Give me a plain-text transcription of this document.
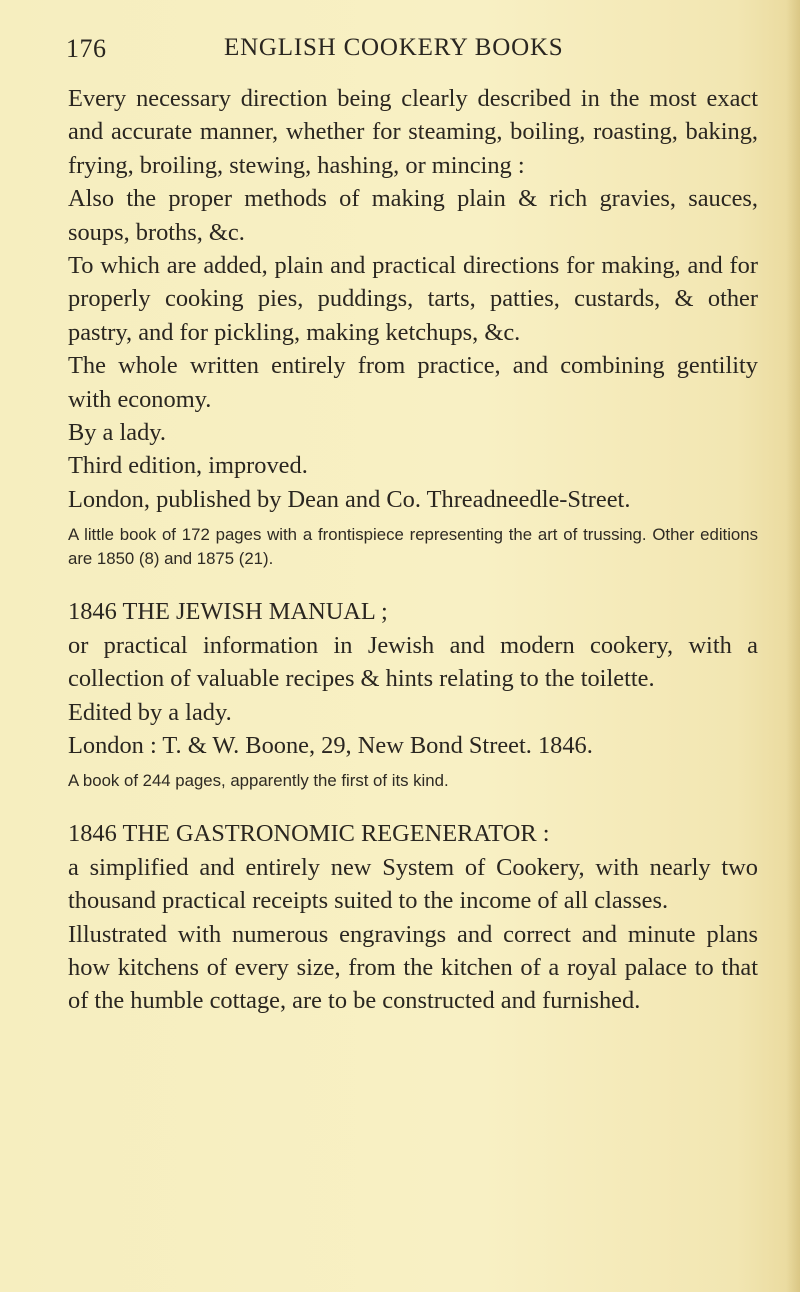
176	ENGLISH COOKERY BOOKS

Every necessary direction being clearly described in the most exact and accurate manner, whether for steaming, boiling, roasting, baking, frying, broiling, stewing, hashing, or mincing :

Also the proper methods of making plain & rich gravies, sauces, soups, broths, &c.

To which are added, plain and practical directions for making, and for properly cooking pies, puddings, tarts, patties, custards, & other pastry, and for pickling, making ketchups, &c.

The whole written entirely from practice, and combining gentility with economy.

By a lady.

Third edition, improved.

London, published by Dean and Co. Threadneedle-Street.

A little book of 172 pages with a frontispiece representing the art of trussing. Other editions are 1850 (8) and 1875 (21).

1846 THE JEWISH MANUAL ;

or practical information in Jewish and modern cookery, with a collection of valuable recipes & hints relating to the toilette.

Edited by a lady.

London : T. & W. Boone, 29, New Bond Street. 1846.

A book of 244 pages, apparently the first of its kind.

1846 THE GASTRONOMIC REGENERATOR :

a simplified and entirely new System of Cookery, with nearly two thousand practical receipts suited to the income of all classes.

Illustrated with numerous engravings and correct and minute plans how kitchens of every size, from the kitchen of a royal palace to that of the humble cottage, are to be constructed and furnished.
